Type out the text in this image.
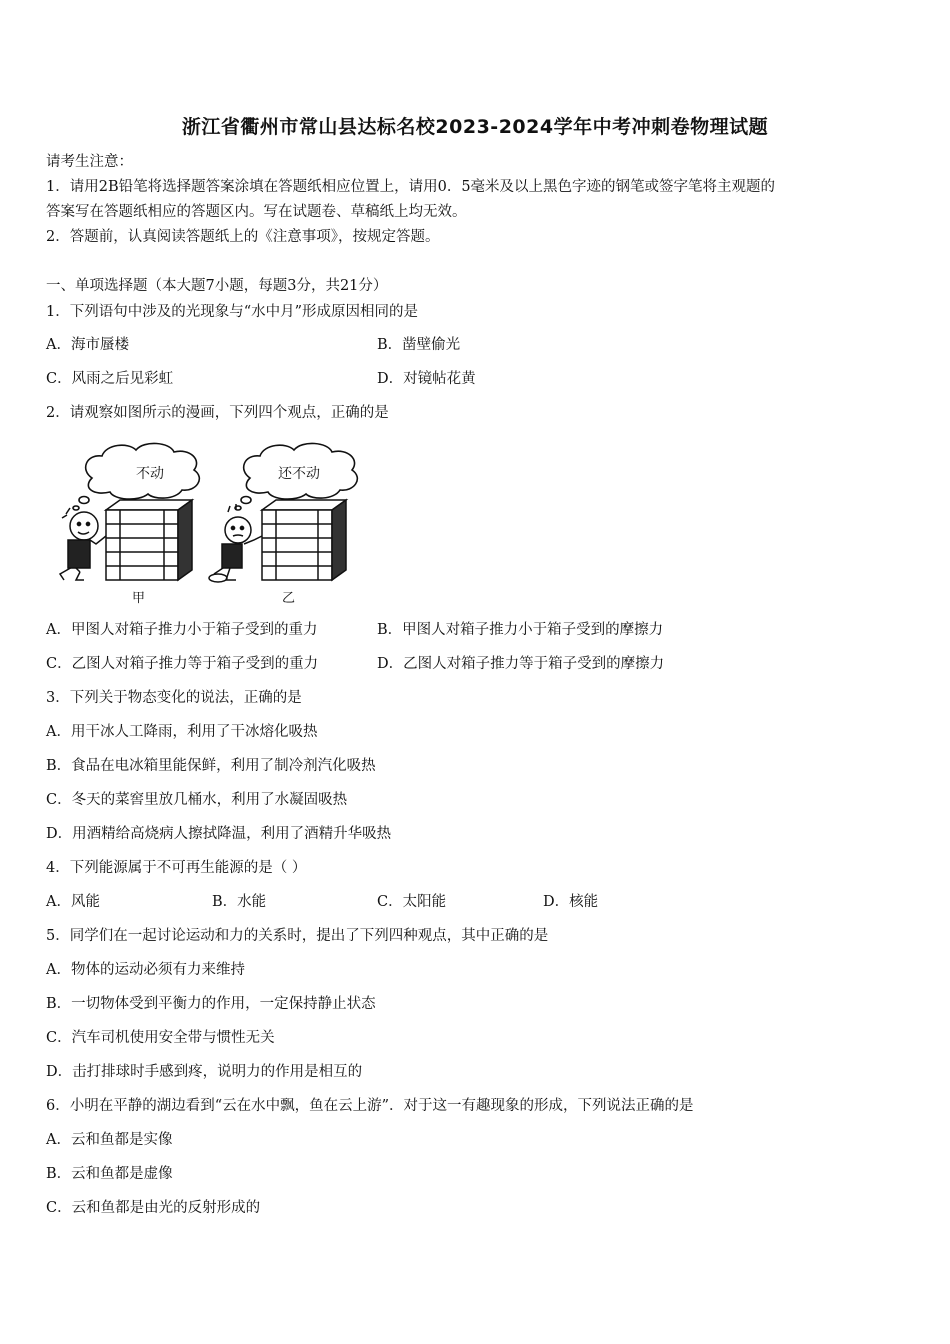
浙江省衢州市常山县达标名校2023-2024学年中考冲刺卷物理试题
请考生注意：
1．请用2B铅笔将选择题答案涂填在答题纸相应位置上，请用0．5毫米及以上黑色字迹的钢笔或签字笔将主观题的
答案写在答题纸相应的答题区内。写在试题卷、草稿纸上均无效。
2．答题前，认真阅读答题纸上的《注意事项》，按规定答题。
一、单项选择题（本大题7小题，每题3分，共21分）
1．下列语句中涉及的光现象与“水中月”形成原因相同的是
A．海市蜃楼	B．凿壁偷光
C．风雨之后见彩虹	D．对镜帖花黄
2．请观察如图所示的漫画，下列四个观点，正确的是
不动	还不动
甲	乙
A．甲图人对箱子推力小于箱子受到的重力	B．甲图人对箱子推力小于箱子受到的摩擦力
C．乙图人对箱子推力等于箱子受到的重力	D．乙图人对箱子推力等于箱子受到的摩擦力
3．下列关于物态变化的说法，正确的是
A．用干冰人工降雨，利用了干冰熔化吸热
B．食品在电冰箱里能保鲜，利用了制冷剂汽化吸热
C．冬天的菜窖里放几桶水，利用了水凝固吸热
D．用酒精给高烧病人擦拭降温，利用了酒精升华吸热
4．下列能源属于不可再生能源的是（ ）
A．风能	B．水能	C．太阳能	D．核能
5．同学们在一起讨论运动和力的关系时，提出了下列四种观点，其中正确的是
A．物体的运动必须有力来维持
B．一切物体受到平衡力的作用，一定保持静止状态
C．汽车司机使用安全带与惯性无关
D．击打排球时手感到疼，说明力的作用是相互的
6．小明在平静的湖边看到“云在水中飘，鱼在云上游”．对于这一有趣现象的形成，下列说法正确的是
A．云和鱼都是实像
B．云和鱼都是虚像
C．云和鱼都是由光的反射形成的
